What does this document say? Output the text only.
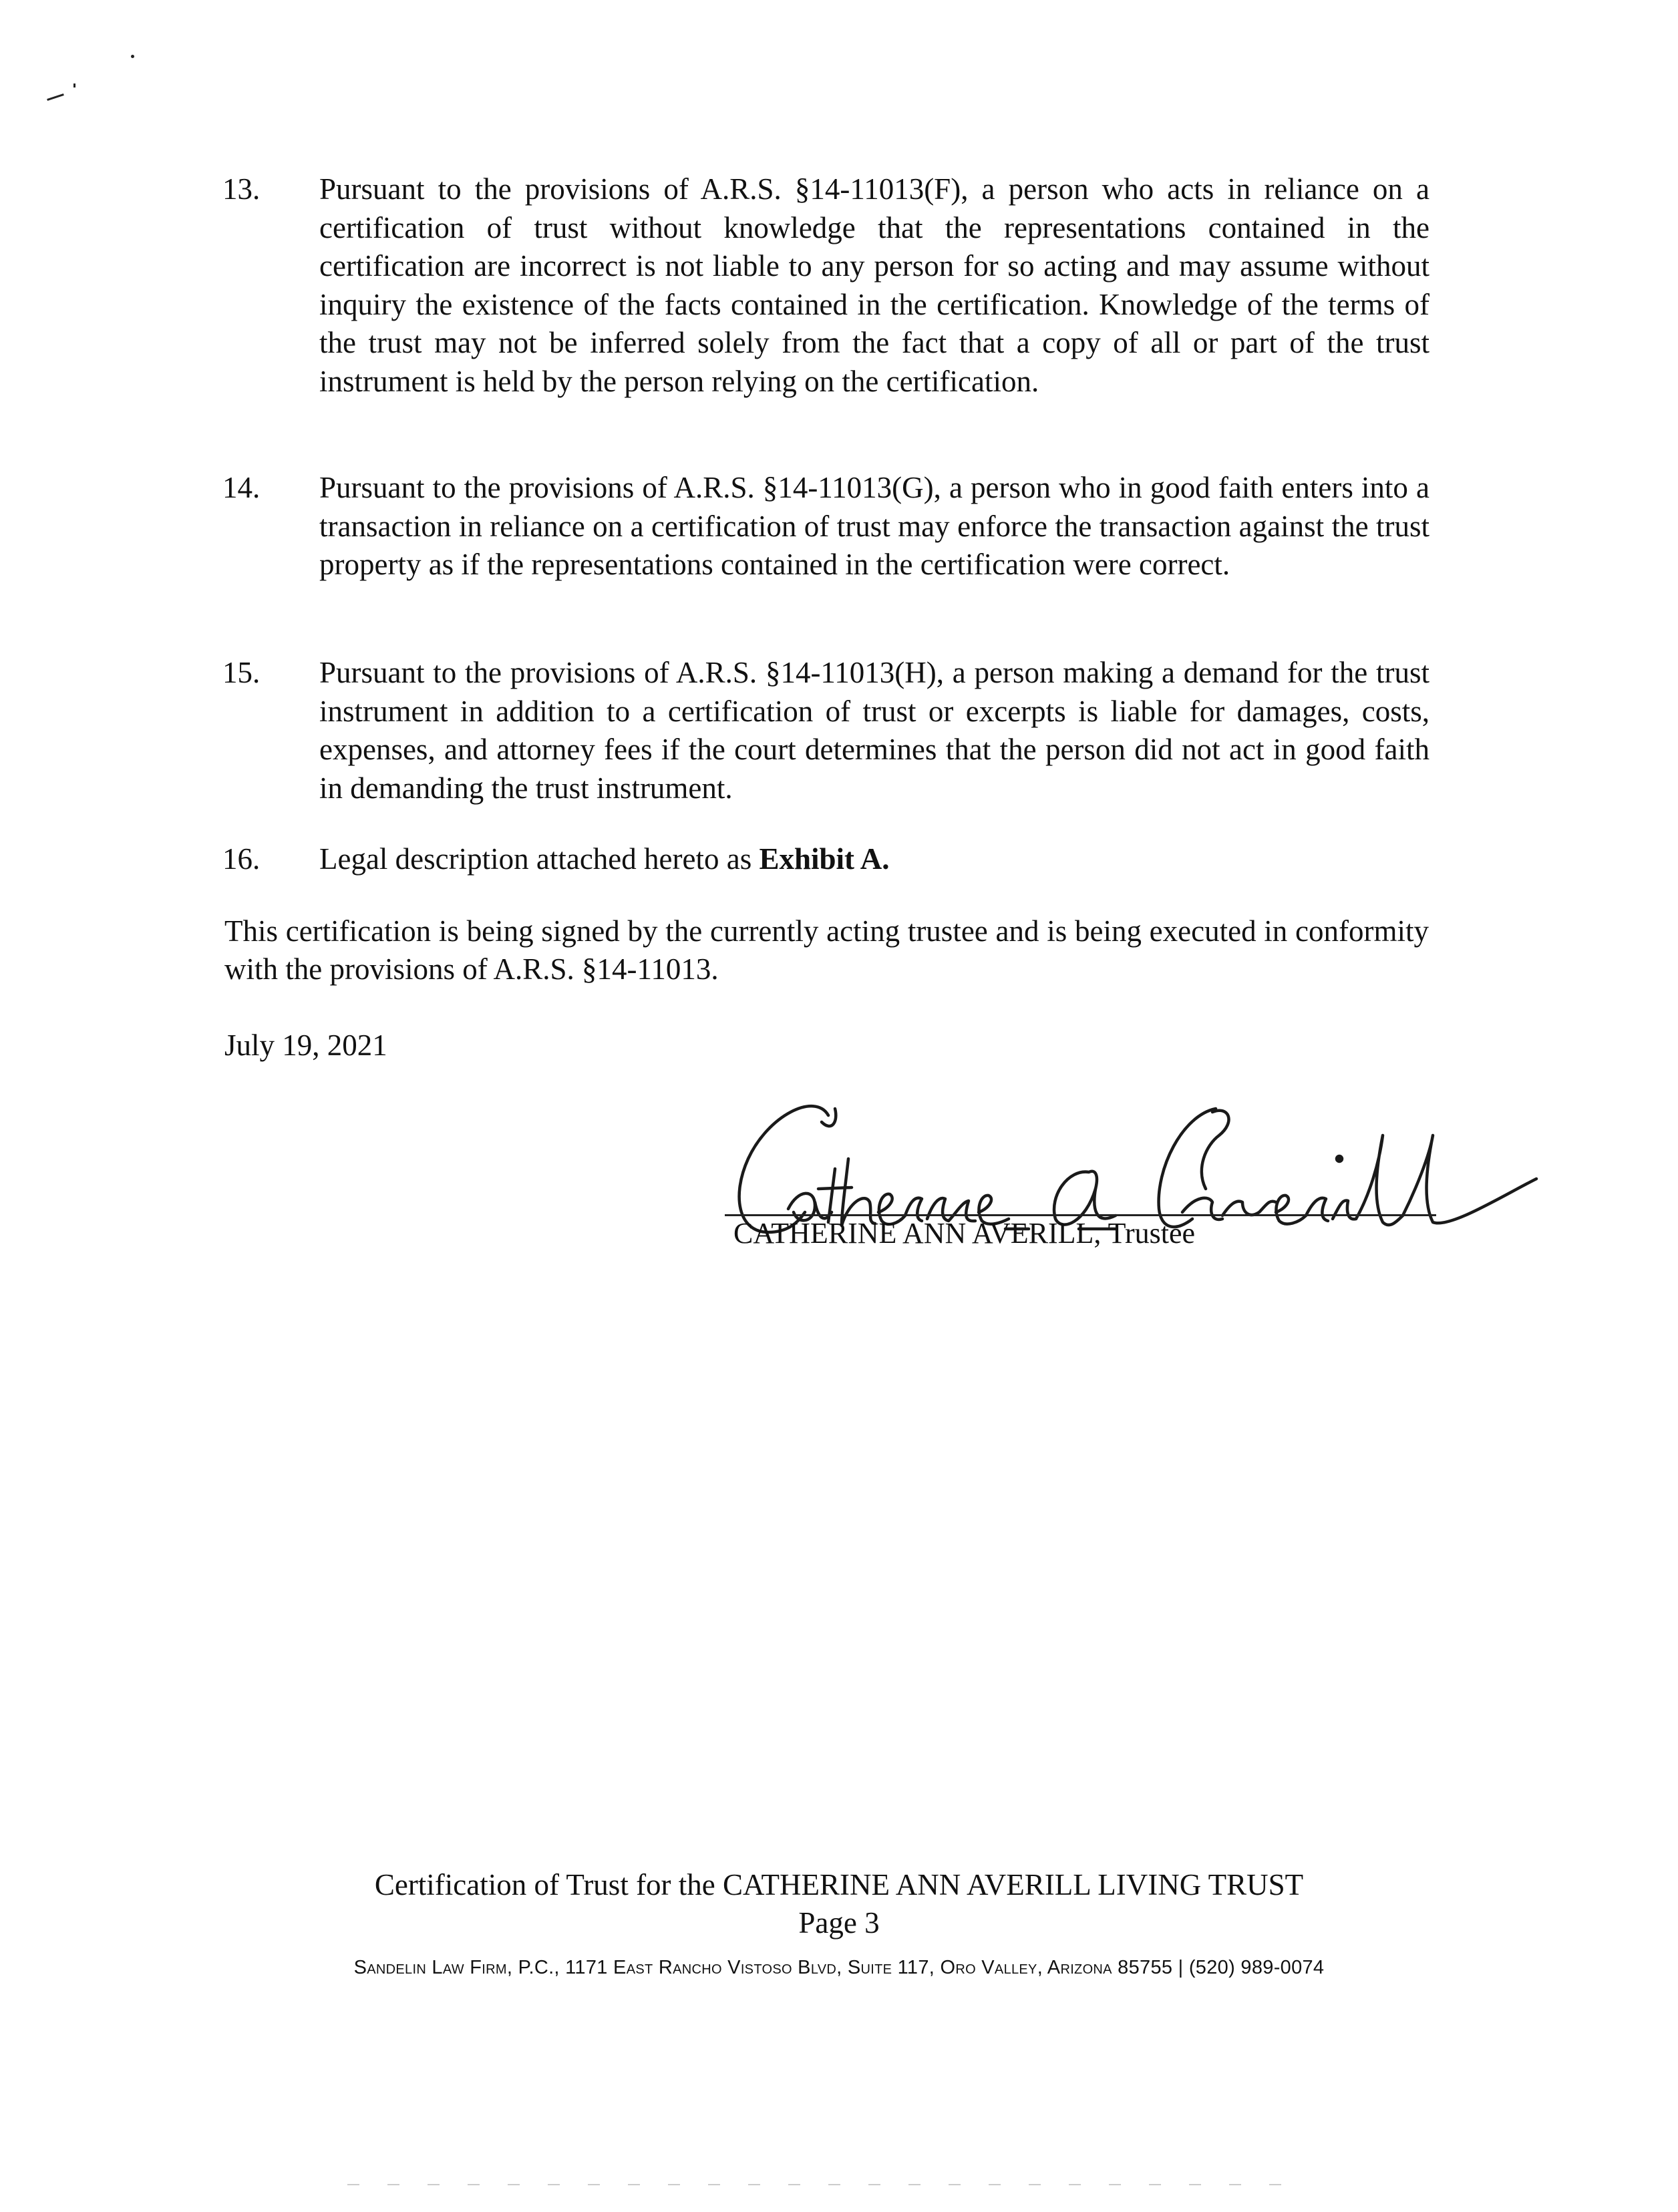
13. Pursuant to the provisions of A.R.S. §14-11013(F), a person who acts in reliance on a certification of trust without knowledge that the representations contained in the certification are incorrect is not liable to any person for so acting and may assume without inquiry the existence of the facts contained in the certification. Knowledge of the terms of the trust may not be inferred solely from the fact that a copy of all or part of the trust instrument is held by the person relying on the certification.
14. Pursuant to the provisions of A.R.S. §14-11013(G), a person who in good faith enters into a transaction in reliance on a certification of trust may enforce the transaction against the trust property as if the representations contained in the certification were correct.
15. Pursuant to the provisions of A.R.S. §14-11013(H), a person making a demand for the trust instrument in addition to a certification of trust or excerpts is liable for damages, costs, expenses, and attorney fees if the court determines that the person did not act in good faith in demanding the trust instrument.
16. Legal description attached hereto as Exhibit A.
This certification is being signed by the currently acting trustee and is being executed in conformity with the provisions of A.R.S. §14-11013.
July 19, 2021
CATHERINE ANN AVERILL, Trustee
Certification of Trust for the CATHERINE ANN AVERILL LIVING TRUST
Page 3
Sandelin Law Firm, P.C., 1171 East Rancho Vistoso Blvd, Suite 117, Oro Valley, Arizona 85755 | (520) 989-0074
